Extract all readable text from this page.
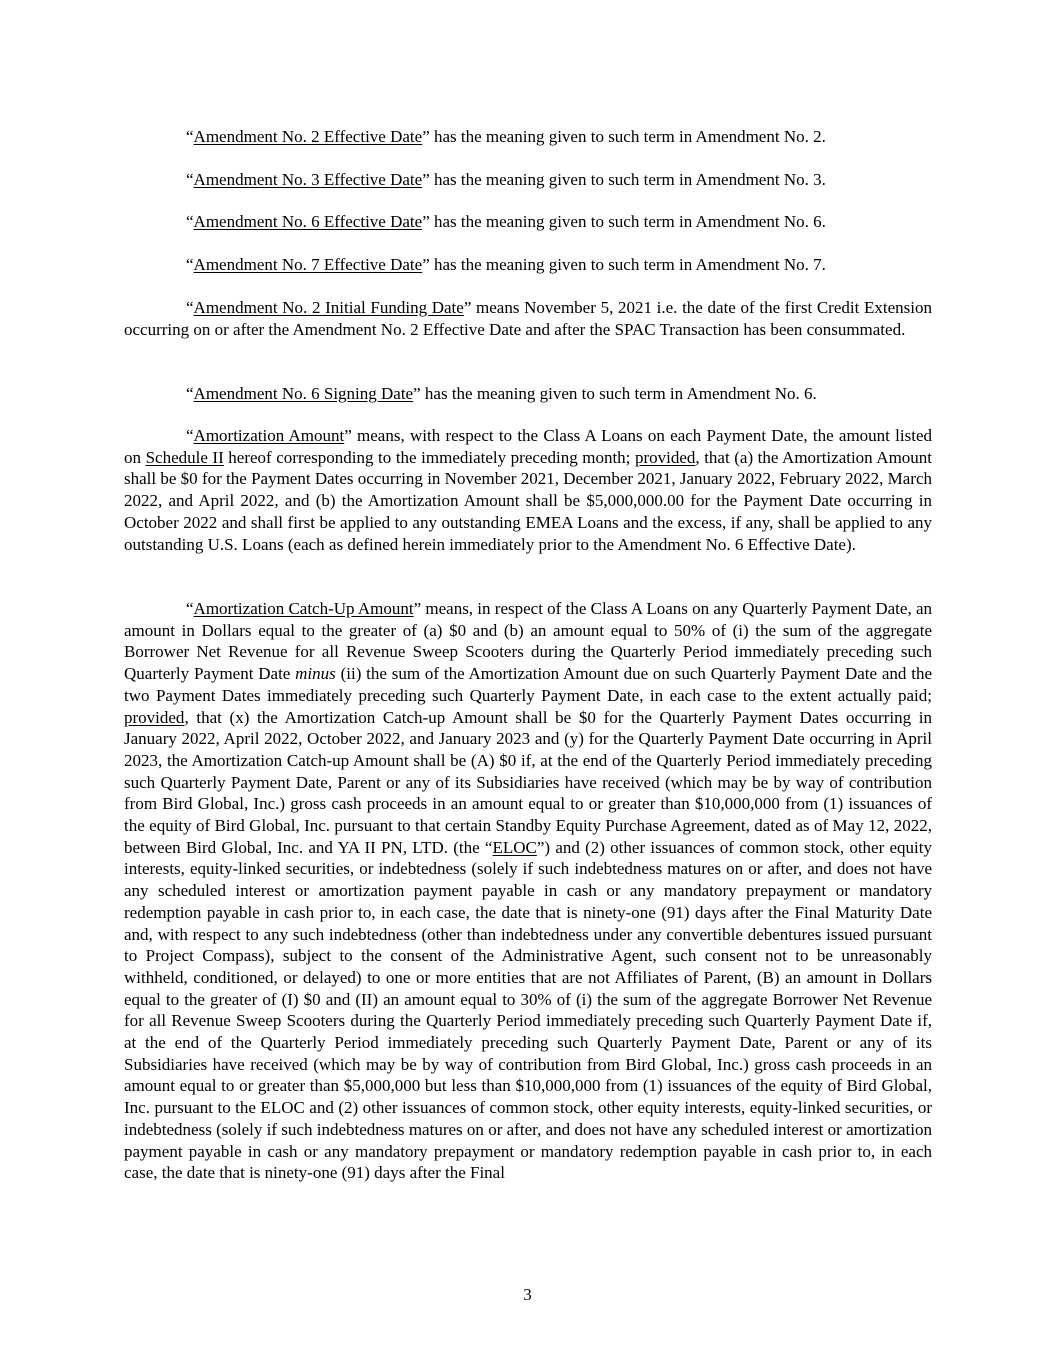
“Amendment No. 2 Effective Date” has the meaning given to such term in Amendment No. 2.

“Amendment No. 3 Effective Date” has the meaning given to such term in Amendment No. 3.

“Amendment No. 6 Effective Date” has the meaning given to such term in Amendment No. 6.

“Amendment No. 7 Effective Date” has the meaning given to such term in Amendment No. 7.

“Amendment No. 2 Initial Funding Date” means November 5, 2021 i.e. the date of the first Credit Extension occurring on or after the Amendment No. 2 Effective Date and after the SPAC Transaction has been consummated.

“Amendment No. 6 Signing Date” has the meaning given to such term in Amendment No. 6.

“Amortization Amount” means, with respect to the Class A Loans on each Payment Date, the amount listed on Schedule II hereof corresponding to the immediately preceding month; provided, that (a) the Amortization Amount shall be $0 for the Payment Dates occurring in November 2021, December 2021, January 2022, February 2022, March 2022, and April 2022, and (b) the Amortization Amount shall be $5,000,000.00 for the Payment Date occurring in October 2022 and shall first be applied to any outstanding EMEA Loans and the excess, if any, shall be applied to any outstanding U.S. Loans (each as defined herein immediately prior to the Amendment No. 6 Effective Date).

“Amortization Catch-Up Amount” means, in respect of the Class A Loans on any Quarterly Payment Date, an amount in Dollars equal to the greater of (a) $0 and (b) an amount equal to 50% of (i) the sum of the aggregate Borrower Net Revenue for all Revenue Sweep Scooters during the Quarterly Period immediately preceding such Quarterly Payment Date minus (ii) the sum of the Amortization Amount due on such Quarterly Payment Date and the two Payment Dates immediately preceding such Quarterly Payment Date, in each case to the extent actually paid; provided, that (x) the Amortization Catch-up Amount shall be $0 for the Quarterly Payment Dates occurring in January 2022, April 2022, October 2022, and January 2023 and (y) for the Quarterly Payment Date occurring in April 2023, the Amortization Catch-up Amount shall be (A) $0 if, at the end of the Quarterly Period immediately preceding such Quarterly Payment Date, Parent or any of its Subsidiaries have received (which may be by way of contribution from Bird Global, Inc.) gross cash proceeds in an amount equal to or greater than $10,000,000 from (1) issuances of the equity of Bird Global, Inc. pursuant to that certain Standby Equity Purchase Agreement, dated as of May 12, 2022, between Bird Global, Inc. and YA II PN, LTD. (the “ELOC”) and (2) other issuances of common stock, other equity interests, equity-linked securities, or indebtedness (solely if such indebtedness matures on or after, and does not have any scheduled interest or amortization payment payable in cash or any mandatory prepayment or mandatory redemption payable in cash prior to, in each case, the date that is ninety-one (91) days after the Final Maturity Date and, with respect to any such indebtedness (other than indebtedness under any convertible debentures issued pursuant to Project Compass), subject to the consent of the Administrative Agent, such consent not to be unreasonably withheld, conditioned, or delayed) to one or more entities that are not Affiliates of Parent, (B) an amount in Dollars equal to the greater of (I) $0 and (II) an amount equal to 30% of (i) the sum of the aggregate Borrower Net Revenue for all Revenue Sweep Scooters during the Quarterly Period immediately preceding such Quarterly Payment Date if, at the end of the Quarterly Period immediately preceding such Quarterly Payment Date, Parent or any of its Subsidiaries have received (which may be by way of contribution from Bird Global, Inc.) gross cash proceeds in an amount equal to or greater than $5,000,000 but less than $10,000,000 from (1) issuances of the equity of Bird Global, Inc. pursuant to the ELOC and (2) other issuances of common stock, other equity interests, equity-linked securities, or indebtedness (solely if such indebtedness matures on or after, and does not have any scheduled interest or amortization payment payable in cash or any mandatory prepayment or mandatory redemption payable in cash prior to, in each case, the date that is ninety-one (91) days after the Final

3
